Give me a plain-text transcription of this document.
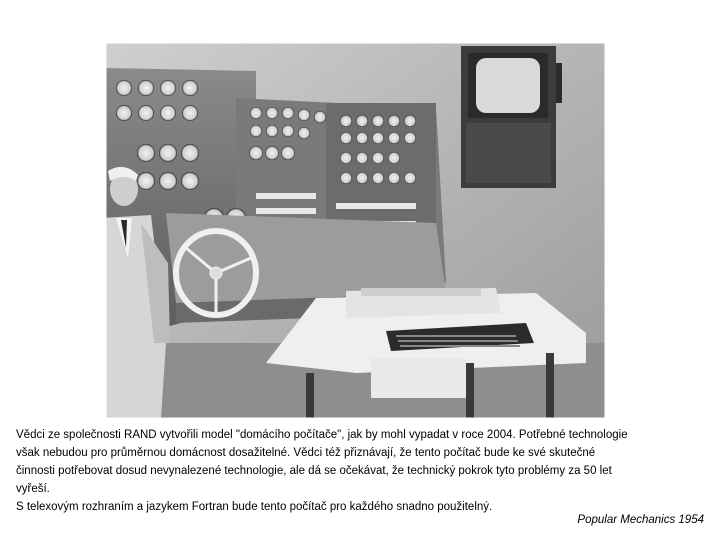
Vědci ze společnosti RAND vytvořili model "domácího počítače", jak by mohl vypadat v roce 2004. Potřebné technologie
však nebudou pro průměrnou domácnost dosažitelné. Vědci též přiznávají, že tento počítač bude ke své skutečné
činnosti potřebovat dosud nevynalezené technologie, ale dá se očekávat, že technický pokrok tyto problémy za 50 let
vyřeší.
S telexovým rozhraním a jazykem Fortran bude tento počítač pro každého snadno použitelný.
Popular Mechanics 1954
